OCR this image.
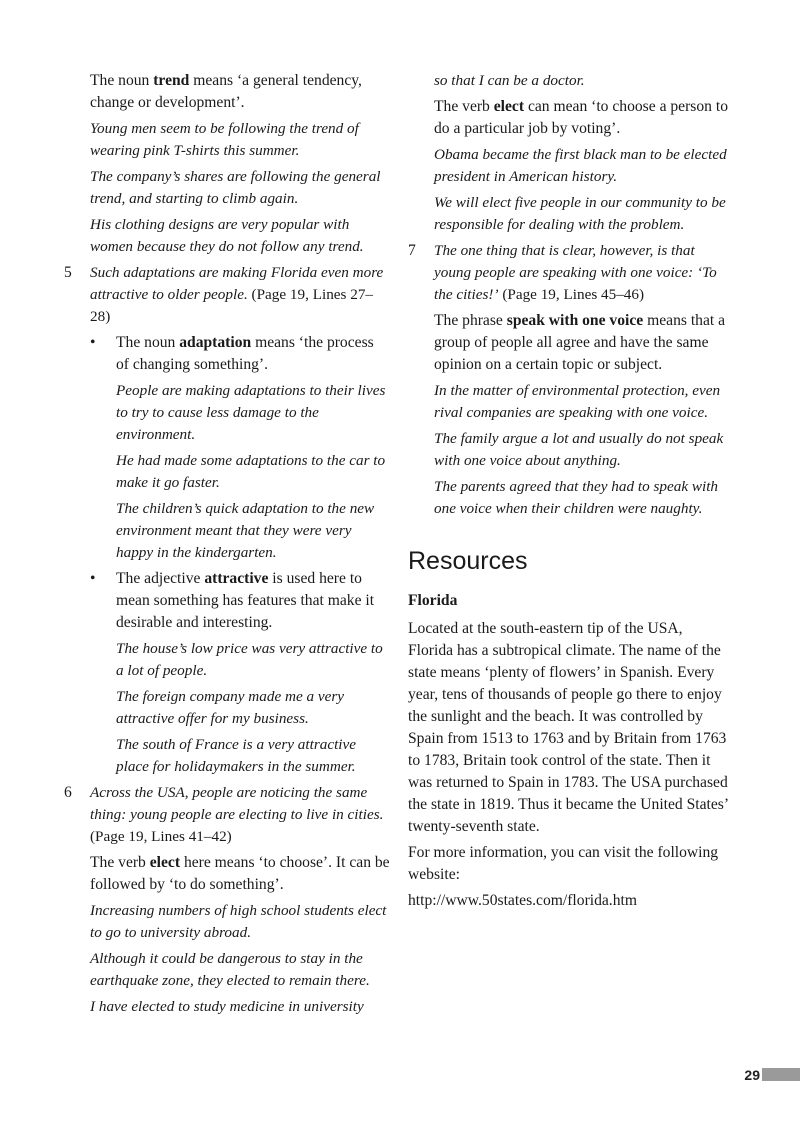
The noun trend means ‘a general tendency, change or development’.

Young men seem to be following the trend of wearing pink T-shirts this summer.

The company’s shares are following the general trend, and starting to climb again.

His clothing designs are very popular with women because they do not follow any trend.

5 Such adaptations are making Florida even more attractive to older people. (Page 19, Lines 27–28)
• The noun adaptation means ‘the process of changing something’.

People are making adaptations to their lives to try to cause less damage to the environment.

He had made some adaptations to the car to make it go faster.

The children’s quick adaptation to the new environment meant that they were very happy in the kindergarten.

• The adjective attractive is used here to mean something has features that make it desirable and interesting.

The house’s low price was very attractive to a lot of people.

The foreign company made me a very attractive offer for my business.

The south of France is a very attractive place for holidaymakers in the summer.

6 Across the USA, people are noticing the same thing: young people are electing to live in cities. (Page 19, Lines 41–42)

The verb elect here means ‘to choose’. It can be followed by ‘to do something’.

Increasing numbers of high school students elect to go to university abroad.

Although it could be dangerous to stay in the earthquake zone, they elected to remain there.

I have elected to study medicine in university

so that I can be a doctor.

The verb elect can mean ‘to choose a person to do a particular job by voting’.

Obama became the first black man to be elected president in American history.

We will elect five people in our community to be responsible for dealing with the problem.

7 The one thing that is clear, however, is that young people are speaking with one voice: ‘To the cities!’ (Page 19, Lines 45–46)

The phrase speak with one voice means that a group of people all agree and have the same opinion on a certain topic or subject.

In the matter of environmental protection, even rival companies are speaking with one voice.

The family argue a lot and usually do not speak with one voice about anything.

The parents agreed that they had to speak with one voice when their children were naughty.

Resources

Florida

Located at the south-eastern tip of the USA, Florida has a subtropical climate. The name of the state means ‘plenty of flowers’ in Spanish. Every year, tens of thousands of people go there to enjoy the sunlight and the beach. It was controlled by Spain from 1513 to 1763 and by Britain from 1763 to 1783, Britain took control of the state. Then it was returned to Spain in 1783. The USA purchased the state in 1819. Thus it became the United States’ twenty-seventh state.

For more information, you can visit the following website:

http://www.50states.com/florida.htm

29
